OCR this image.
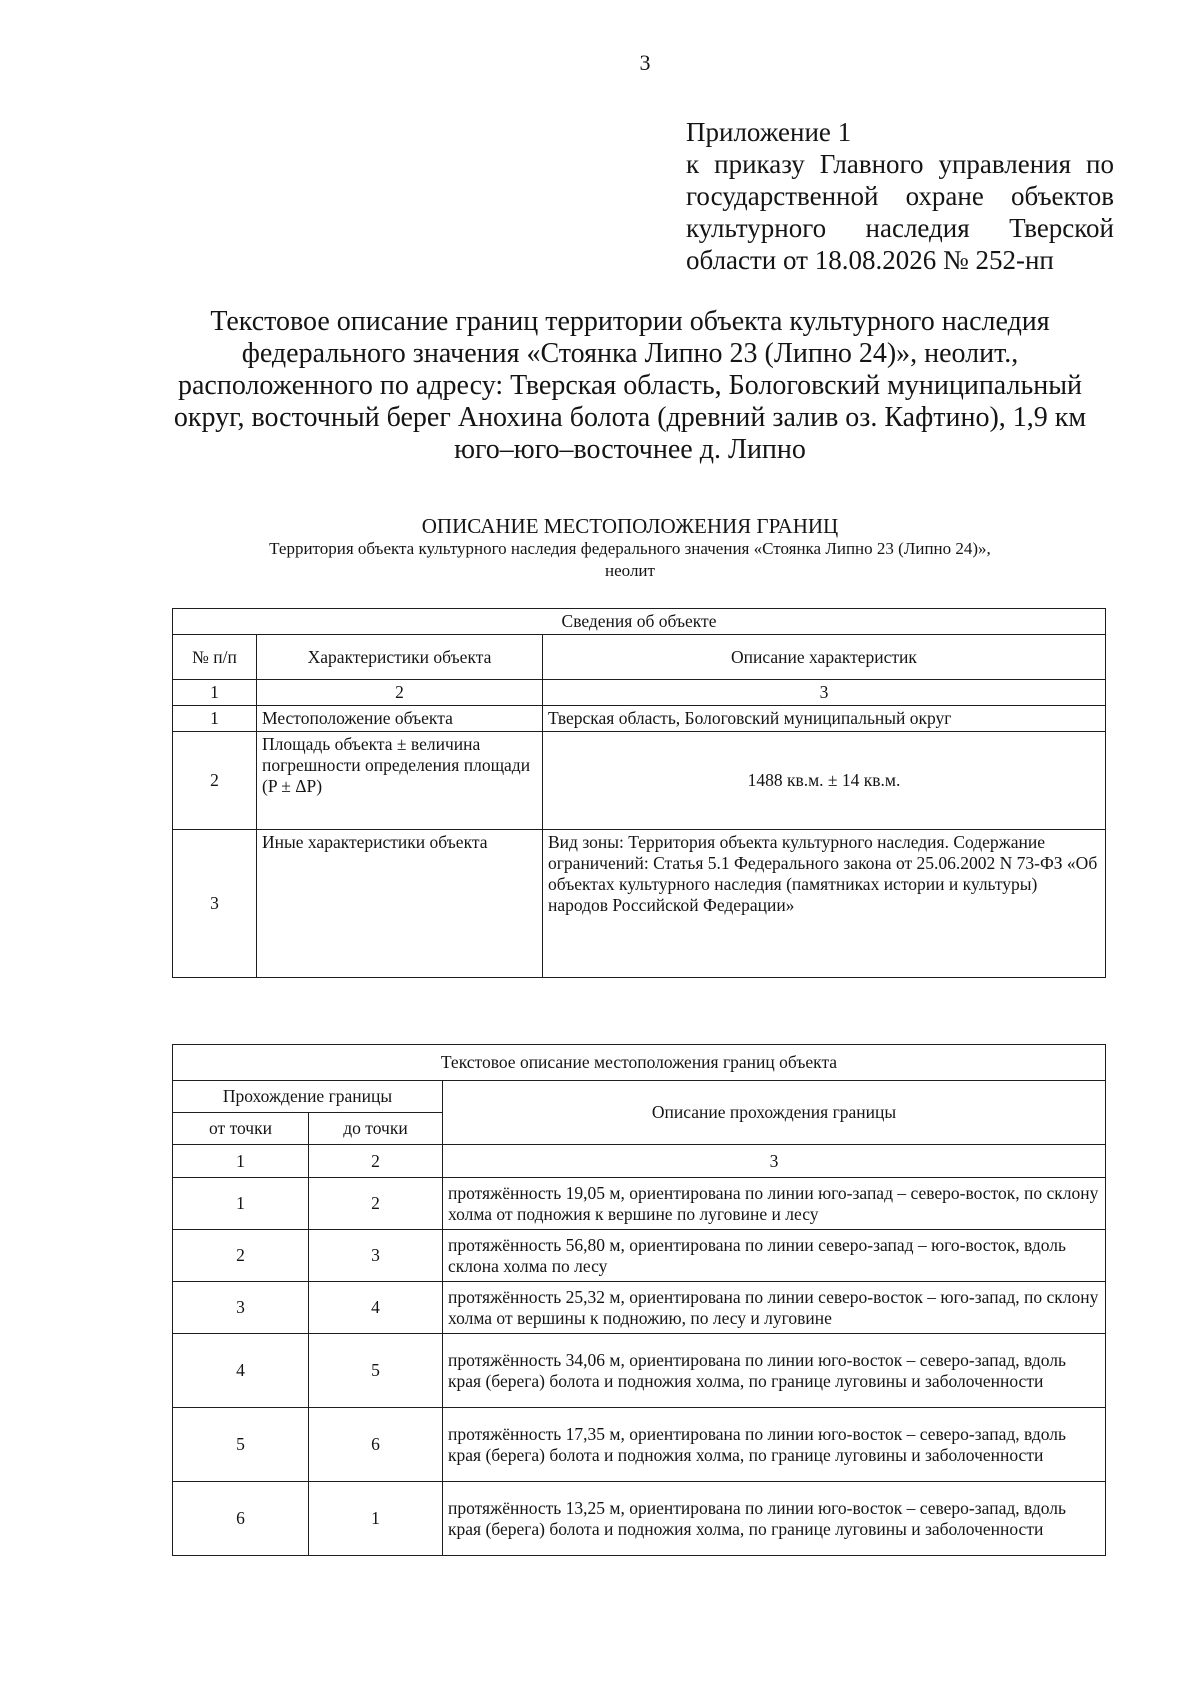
3
Приложение 1
к приказу Главного управления по
государственной охране объектов
культурного наследия Тверской
области от 18.08.2026 № 252-нп
Текстовое описание границ территории объекта культурного наследия
федерального значения «Стоянка Липно 23 (Липно 24)», неолит.,
расположенного по адресу: Тверская область, Бологовский муниципальный
округ, восточный берег Анохина болота (древний залив оз. Кафтино), 1,9 км
юго–юго–восточнее д. Липно
ОПИСАНИЕ МЕСТОПОЛОЖЕНИЯ ГРАНИЦ
Территория объекта культурного наследия федерального значения «Стоянка Липно 23 (Липно 24)»,
неолит
Сведения об объекте		
№ п/п	Характеристики объекта	Описание характеристик
1	2	3
1	Местоположение объекта	Тверская область, Бологовский муниципальный округ
2	Площадь объекта ± величина погрешности определения площади (P ± ΔP)	1488 кв.м. ± 14 кв.м.
3	Иные характеристики объекта	Вид зоны: Территория объекта культурного наследия. Содержание ограничений: Статья 5.1 Федерального закона от 25.06.2002 N 73-ФЗ «Об объектах культурного наследия (памятниках истории и культуры) народов Российской Федерации»
Текстовое описание местоположения границ объекта		
Прохождение границы		Описание прохождения границы
от точки	до точки	
1	2	3
1	2	протяжённость 19,05 м, ориентирована по линии юго-запад – северо-восток, по склону холма от подножия к вершине по луговине и лесу
2	3	протяжённость 56,80 м, ориентирована по линии северо-запад – юго-восток, вдоль склона холма по лесу
3	4	протяжённость 25,32 м, ориентирована по линии северо-восток – юго-запад, по склону холма от вершины к подножию, по лесу и луговине
4	5	протяжённость 34,06 м, ориентирована по линии юго-восток – северо-запад, вдоль края (берега) болота и подножия холма, по границе луговины и заболоченности
5	6	протяжённость 17,35 м, ориентирована по линии юго-восток – северо-запад, вдоль края (берега) болота и подножия холма, по границе луговины и заболоченности
6	1	протяжённость 13,25 м, ориентирована по линии юго-восток – северо-запад, вдоль края (берега) болота и подножия холма, по границе луговины и заболоченности
